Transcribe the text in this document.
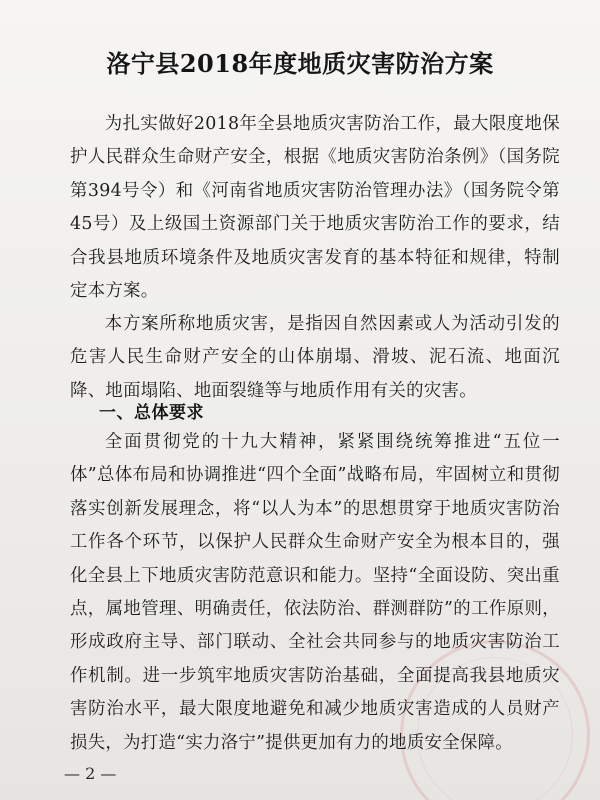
洛宁县2018年度地质灾害防治方案

为扎实做好2018年全县地质灾害防治工作，最大限度地保护人民群众生命财产安全，根据《地质灾害防治条例》（国务院第394号令）和《河南省地质灾害防治管理办法》（国务院令第45号）及上级国土资源部门关于地质灾害防治工作的要求，结合我县地质环境条件及地质灾害发育的基本特征和规律，特制定本方案。

本方案所称地质灾害，是指因自然因素或人为活动引发的危害人民生命财产安全的山体崩塌、滑坡、泥石流、地面沉降、地面塌陷、地面裂缝等与地质作用有关的灾害。

一、总体要求

全面贯彻党的十九大精神，紧紧围绕统筹推进“五位一体”总体布局和协调推进“四个全面”战略布局，牢固树立和贯彻落实创新发展理念，将“以人为本”的思想贯穿于地质灾害防治工作各个环节，以保护人民群众生命财产安全为根本目的，强化全县上下地质灾害防范意识和能力。坚持“全面设防、突出重点，属地管理、明确责任，依法防治、群测群防”的工作原则，形成政府主导、部门联动、全社会共同参与的地质灾害防治工作机制。进一步筑牢地质灾害防治基础，全面提高我县地质灾害防治水平，最大限度地避免和减少地质灾害造成的人员财产损失，为打造“实力洛宁”提供更加有力的地质安全保障。

— 2 —
